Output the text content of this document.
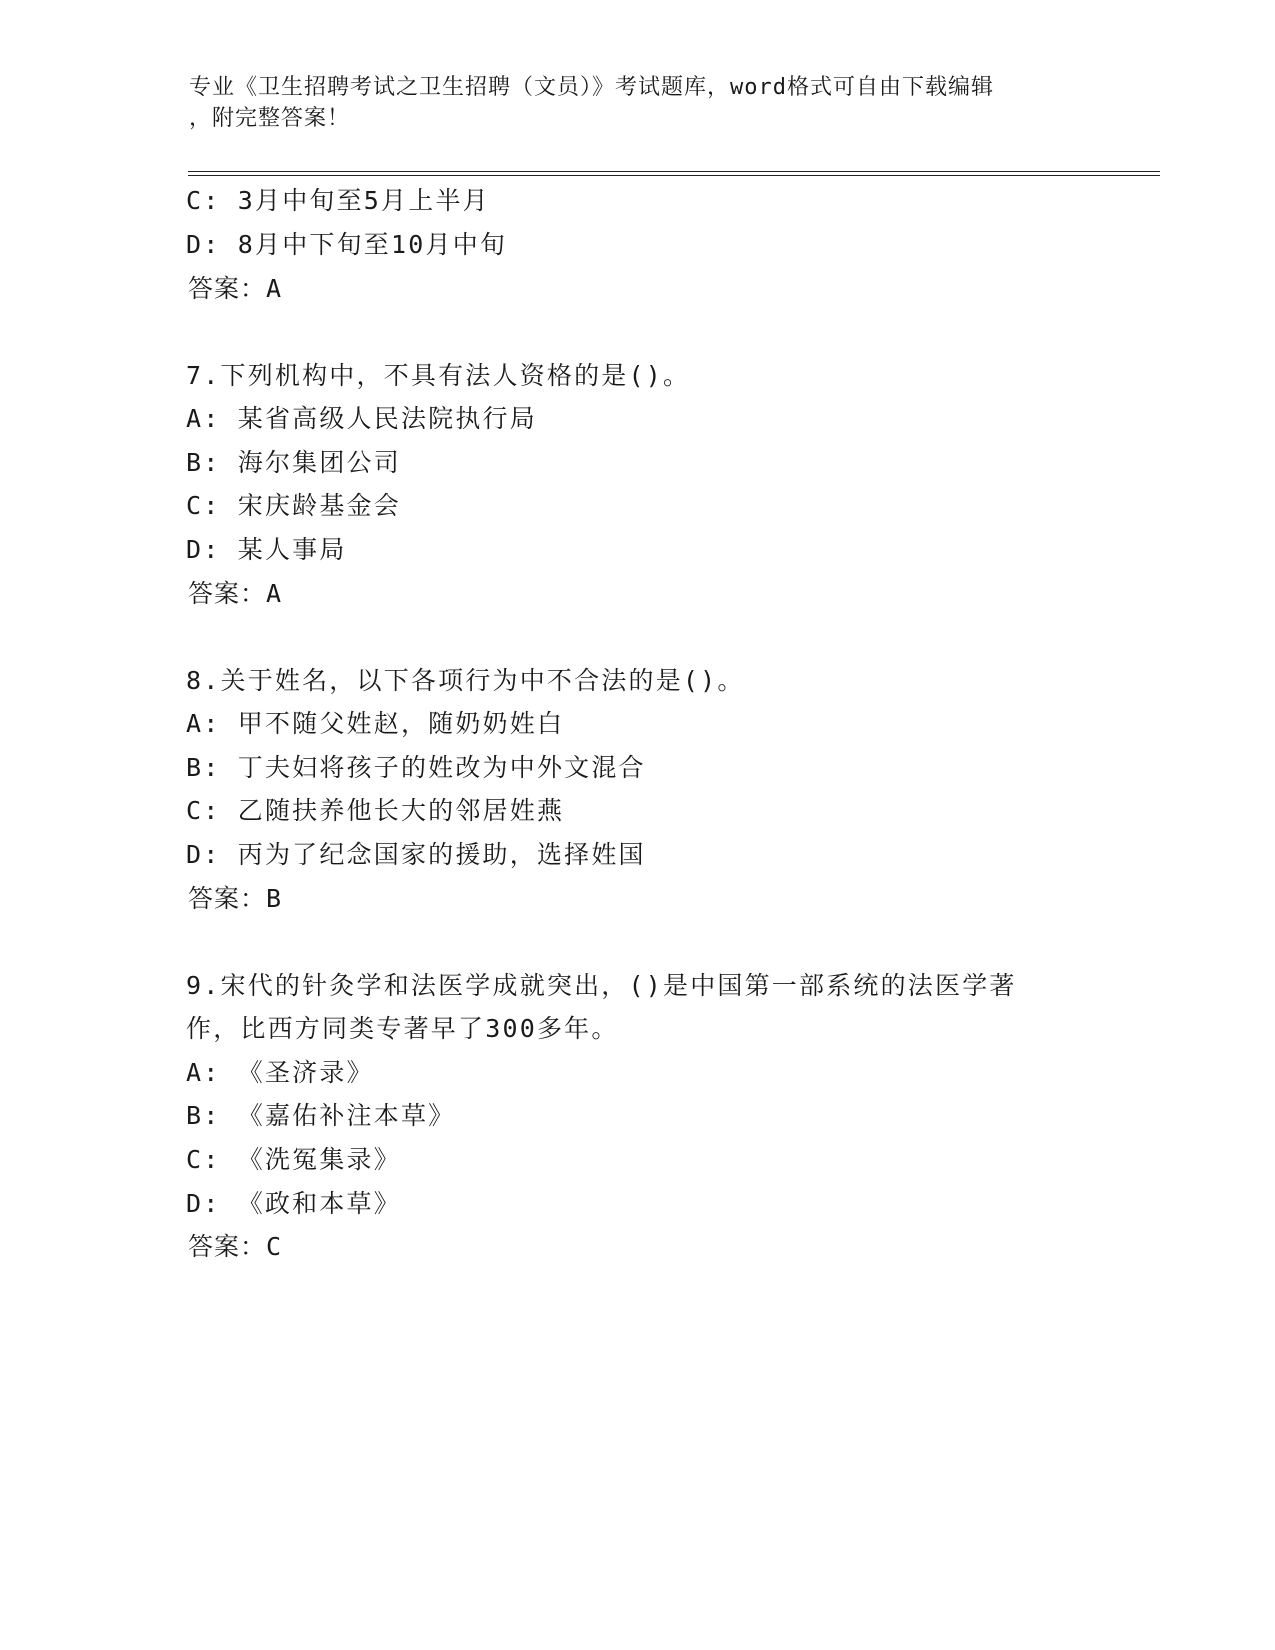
专业《卫生招聘考试之卫生招聘（文员）》考试题库，word格式可自由下载编辑
，附完整答案！
C: 3月中旬至5月上半月
D: 8月中下旬至10月中旬
答案：A
7.下列机构中，不具有法人资格的是()。
A: 某省高级人民法院执行局
B: 海尔集团公司
C: 宋庆龄基金会
D: 某人事局
答案：A
8.关于姓名，以下各项行为中不合法的是()。
A: 甲不随父姓赵，随奶奶姓白
B: 丁夫妇将孩子的姓改为中外文混合
C: 乙随扶养他长大的邻居姓燕
D: 丙为了纪念国家的援助，选择姓国
答案：B
9.宋代的针灸学和法医学成就突出，()是中国第一部系统的法医学著
作，比西方同类专著早了300多年。
A: 《圣济录》
B: 《嘉佑补注本草》
C: 《洗冤集录》
D: 《政和本草》
答案：C
